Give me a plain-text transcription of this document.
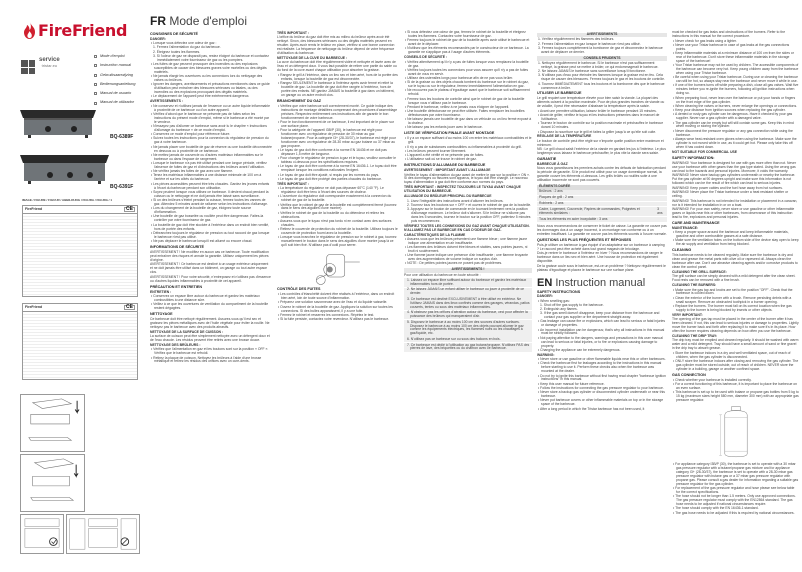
FireFriend
service
tristar.eu
Mode d'emploi
Instruction manual
Gebruiksaanwijzing
Bedienungsanleitung
Manual de usuario
Manual de utilizador
BQ-6389F
BQ-6391F
IMAGE / FIGURE / FIGUUR / ABBILDUNG / FIGURA / FIGURA / 1
FireFriend	CE
FireFriend	CE
FR Mode d'emploi
CONSIGNES DE SÉCURITÉ
DANGER:
• Lorsque vous détectez une odeur de gaz :
1. Fermez l'alimentation du gaz du barbecue.
2. Éteignez toutes les flammes.
3. Si l'odeur de gaz ne disparaît pas, restez éloigné du barbecue et contactez immédiatement votre fournisseur de gaz ou les pompiers.
• Les fuites de gaz peuvent provoquer des incendies ou des explosions susceptibles de causer des blessures graves voire mortelles ou des dégâts matériels.
• Ne jamais élargir les ouvertures ou les connexions lors du nettoyage des valves ou brûleurs.
• Ignorer les dangers, avertissements et précautions mentionnés dans ce guide d'utilisation peut entraîner des blessures sérieuses ou fatales, ou des incendies ou des explosions provoquant des dégâts matériels.
• Le déplacement de l'appareil peut être extrêmement dangereux.
AVERTISSEMENTS :
• Ne conservez et n'utilisez jamais de l'essence ou un autre liquide inflammable à proximité de ce barbecue ou d'un autre appareil.
• Vérifiez d'abord que le barbecue ne présente pas de fuites selon les instructions du présent mode d'emploi, même si le barbecue a été monté par le vendeur.
• N'essayez pas d'allumer ce barbecue sans avoir lu le chapitre « Instructions d'allumage du barbecue » de ce mode d'emploi.
• Conservez ce mode d'emploi pour référence future.
• Suivez toutes les instructions pour la connexion du régulateur de pression du gaz à votre barbecue.
• Ne jamais placer une bouteille de gaz de réserve ou une bouteille déconnectée en dessous ou à proximité de ce barbecue.
• Ne mettez jamais de couvercle ou d'autres matériaux inflammables sur le barbecue ou dans l'espace de rangement.
• Lorsque le barbecue n'a pas été utilisé pendant une longue période, vérifiez l'absence de fuites de gaz et d'obstructions des brûleurs avant l'utilisation.
• Ne vérifiez jamais les fuites de gaz avec une flamme.
• Tenez les matériaux inflammables à une distance minimale de 100 cm à l'arrière et sur les côtés du barbecue.
• Les pièces accessibles peuvent être très chaudes. Gardez les jeunes enfants à l'écart du barbecue pendant son utilisation.
• Soyez prudent lorsque vous utilisez ce barbecue. Il devient chaud pendant la cuisson ou le nettoyage et ne doit jamais être laissé sans surveillance.
• Si un des brûleurs s'éteint pendant la cuisson, fermez toutes les vannes de gaz. Attendez 5 minutes avant de rallumer selon les instructions d'allumage.
• Lors du changement de la bouteille de gaz, éloignez toute source d'inflammation.
• Une bouteille de gaz bosselée ou rouillée peut être dangereuse. Faites-la contrôler par votre fournisseur de gaz.
• La bouteille de gaz doit être stockée à l'extérieur dans un endroit bien ventilé, hors de portée des enfants.
• Débranchez toujours le régulateur de pression ou tout raccord de gaz lorsque le barbecue n'est pas utilisé.
• Ne pas déplacer le barbecue lorsqu'il est allumé ou encore chaud.
INFORMATIONS DE SÉCURITÉ
AVERTISSEMENT ! Ne modifiez en aucun cas ce barbecue. Toute modification peut entraîner des risques et annule la garantie. Utilisez uniquement les pièces d'origine.
AVERTISSEMENT ! Ce barbecue est destiné à un usage extérieur uniquement et ne doit jamais être utilisé dans un bâtiment, un garage ou tout autre espace clos.
AVERTISSEMENT ! Pour votre sécurité, n'entreposez et n'utilisez pas d'essence ou d'autres liquides inflammables à proximité de cet appareil.
PRÉCAUTION ET ENTRETIEN
ENTRETIEN :
• Conservez un espace libre autour du barbecue et gardez les matériaux combustibles à une distance sûre.
• Veillez à ce que les ouvertures de ventilation du compartiment de la bouteille restent dégagées.
NETTOYAGE
Ce barbecue doit être nettoyé régulièrement. Assurez-vous qu'il est sec et graissez les pièces métalliques avec de l'huile végétale pour éviter la rouille. Ne nettoyez pas le barbecue avec des produits abrasifs.
NETTOYAGE DE LA SURFACE DE CUISSON :
La surface de cuisson peut être simplement nettoyée avec un détergent doux et de l'eau chaude. Les résidus peuvent être retirés avec une brosse douce.
NETTOYAGE DES BRÛLEURS :
• Vérifiez que l'alimentation en gaz et les boutons sont sur la position « OFF ». Vérifiez que le barbecue est refroidi.
• Retirez la plaque de cuisson. Nettoyez les brûleurs à l'aide d'une brosse métallique et retirez les résidus des orifices avec un cure-dents.
TRÈS IMPORTANT :
L'orifice du brûleur du gaz doit être mis au milieu du brûleur après avoir été nettoyé. Sinon, des blessures sérieuses ou des dégâts matériels peuvent en résulter. Après avoir remis le brûleur en place, vérifiez si une bonne connexion est réalisée. La fréquence de nettoyage du brûleur dépend de votre fréquence d'utilisation du barbecue.
NETTOYAGE DE LA CUVE DU BARBECUE :
La cuve du barbecue doit être régulièrement vidée et nettoyée et lavée avec de l'eau et un détergent doux. Il vous faut possible de retirer une partie du sable ou du fond de la cuve avant chaque utilisation pour absorber la graisse.
• Rangez le grill à l'intérieur, dans un lieu sec et bien aéré, hors de la portée des enfants, lorsque la bouteille de gaz est déconnectée.
• Rangez SEULEMENT le barbecue à l'intérieur après avoir fermé et retiré la bouteille de gaz. La bouteille de gaz doit être rangée à l'extérieur, hors de portée des enfants. NE gardez JAMAIS la bouteille à gaz dans un bâtiment, un garage ou un autre endroit clos.
BRANCHEMENT DU GAZ
• Vérifiez que votre barbecue soit correctement monté. Ce guide indique des instructions de montage détaillées comprenant des procédures d'assemblage précises. Respectez entièrement ces instructions afin de garantir le bon fonctionnement de votre barbecue.
• Pour le bon fonctionnement de ce barbecue, il est important de le placer sur une surface plane.
• Pour la catégorie de l'appareil I3B/P (30), le barbecue est réglé pour fonctionner avec un régulateur de pression de 30 mbar au gaz butane/propane. Pour la catégorie I3+ (28-30/37), le barbecue est réglé pour fonctionner avec un régulateur de 28-30 mbar au gaz butane ou 37 mbar au gaz propane.
• Le tuyau de gaz doit être conforme à la norme EN 16436 et ne doit pas dépasser 1,5 mètre de longueur.
• Pour changer le régulateur de pression à gaz et le tuyau, veuillez consulter le tableau ci-dessous pour les spécifications requises.
• Le tuyau de gaz doit être conforme à la norme EN 16436-1. Le tuyau doit être remplacé lorsque les conditions nationales l'exigent.
• Le tuyau de gaz doit être ajusté, si requis par les normes du pays.
• Le tuyau de gaz doit être protégé des parties chaudes du barbecue.
TRÈS IMPORTANT :
• La température du régulateur ne doit pas dépasser 60°C (140 °F). Le régulateur doit être tenu à l'écart des sources de chaleur.
• L'ouverture du régulateur doit correspondre exactement à la connexion du robinet de gaz de la bouteille.
• Vérifiez que le robinet de gaz de la bouteille est complètement fermé (tournez dans le sens des aiguilles d'une montre).
• Vérifiez le robinet de gaz de la bouteille ou du détendeur et retirez les obstructions.
• Assurez-vous que le tuyau n'est pas tordu ni en contact avec des surfaces chaudes.
• Retirez le couvercle de protection du robinet de la bouteille. Utilisez toujours le couvercle de protection fourni avec la bouteille.
• Lorsque vous branchez le régulateur de pression sur le robinet à gaz, tournez manuellement le bouton dans le sens des aiguilles d'une montre jusqu'à ce qu'il soit bien fixé. N'utilisez pas d'outil pour serrer.
CONTRÔLE DES FUITES
• Les contrôles d'étanchéité doivent être réalisés à l'extérieur, dans un endroit bien aéré, loin de toute source d'inflammation.
• Préparez une solution savonneuse avec de l'eau et du liquide vaisselle.
• Ouvrez le robinet de la bouteille de gaz. Appliquez la solution sur toutes les connexions. Si des bulles apparaissent, il y a une fuite.
• Fermez le robinet et resserrez les connexions. Répétez le test.
• Si la fuite persiste, contactez votre revendeur. N'utilisez pas le barbecue.
• Si vous détectez une odeur de gaz, fermez le robinet de la bouteille et éteignez toutes les flammes. Contactez votre fournisseur de gaz.
• Fermez toujours le robinet de gaz de la bouteille après avoir utilisé le barbecue et avant de le déplacer.
• N'utilisez que les éléments recommandés par le constructeur de ce barbecue. La garantie ne s'applique pas à l'usage d'autres éléments.
CONSEILS DE SÉCURITÉ :
• Vérifiez attentivement qu'il n'y a pas de fuites lorsque vous remplacez la bouteille de gaz.
• Vérifiez toujours toutes les connexions pour vous assurer qu'il n'y a pas de fuites avant de vous en servir.
• Utilisez des ustensiles longs pour barbecue afin de ne pas vous brûler.
• Si de la graisse ou des objets chauds tombent du barbecue sur le robinet du gaz, sur le tuyau ou sur le régulateur, fermez immédiatement l'alimentation en gaz.
• Ne recouvrez pas le plateau d'égouttage avant que le barbecue soit suffisamment refroidi.
• Fermez tous les boutons de contrôle ainsi que le robinet de gaz de la bouteille lorsque vous n'utilisez pas le barbecue.
• Pendant le barbecue, veillez à ne jamais vous éloigner de l'appareil.
• Une bouteille défectueuse ne peut être utilisée. Faites remplacer les bouteilles défectueuses par votre fournisseur.
• Ne laissez jamais une bouteille de gaz dans un véhicule ou un lieu fermé exposé à la chaleur.
• Ne laissez pas les enfants jouer avec le barbecue.
LISTE DE VÉRIFICATION FINALE AVANT MONTAGE
• Il y a un espace suffisant d'au moins 100 cm entre les matériaux combustibles et le grill.
• Il n'y a pas de substances combustibles ou inflammables à proximité du grill.
• Les brûleurs peuvent tourner librement.
• L'appareil a été vérifié et ne présente pas de fuites.
• L'utilisateur sait où se trouve le robinet de gaz.
INSTRUCTIONS D'ALLUMAGE DU BARBECUE
AVERTISSEMENT : IMPORTANT AVANT L'ALLUMAGE
Vérifiez le tuyau d'alimentation du gaz avant de mettre le gaz sur la position « ON ». Si des dommages ou fissures sont apparus, le tuyau doit être changé. Le nouveau tuyau d'alimentation à gaz doit être conforme aux normes du pays.
TRÈS IMPORTANT : INSPECTEZ TOUJOURS LE TUYAU AVANT CHAQUE UTILISATION DU BARBECUE.
ALLUMAGE DU BRÛLEUR PRINCIPAL DU BARBECUE
1. Lisez l'intégralité des instructions avant d'allumer les brûleurs.
2. Tournez tous les boutons sur « OFF » et ouvrez le robinet de gaz de la bouteille.
3. Appuyez sur le bouton de commande en le tournant lentement vers la position d'allumage maximum. Le brûleur doit s'allumer. Si le brûleur ne s'allume pas dans les 5 secondes, tournez le bouton sur la position OFF, patientez 5 minutes puis recommencez.
VÉRIFIEZ TOUTES LES CONNEXIONS DU GAZ AVANT CHAQUE UTILISATION. N'ALLUMEZ PAS LE BARBECUE EN CAS D'ODEUR DE GAZ.
CARACTÉRISTIQUES DE LA FLAMME
• Assurez-vous que les brûleurs présentent une flamme bleue ; une flamme jaune indique une alimentation en air insuffisante.
• Les flammes des brûleurs doivent être bleues et stables, sans pointes jaunes, ni bruit ni soulèvement.
• Une flamme jaune indique une présence d'air insuffisante ; une flamme bruyante avec des augmentations de volume indique un surplus d'air.
• NOTE : De petites pointes jaunes ne posent pas de problèmes.
AVERTISSEMENTS !
Pour une utilisation du barbecue en toute sécurité :
1. Laissez un espace libre suffisant autour du barbecue et gardez les matériaux inflammables hors de portée.
2. Ne laissez JAMAIS un enfant utiliser le barbecue ou jouer à proximité de ce dernier.
3. Ce barbecue est destiné EXCLUSIVEMENT à être utilisé en extérieur. Ne l'utilisez JAMAIS dans des lieux confinés comme des garages, vérandas, patios couverts, tentes ou sous des matériaux inflammables.
4. N'obstruez pas les orifices d'aération autour du barbecue, ceci pour affecter la puissance des brûleurs qui manqueraient d'air.
5. Disposez le barbecue à au moins 100 cm des sources d'autres surfaces. Disposez le barbecue à au moins 100 cm des objets pouvant allumer le gaz comme les équipements électriques, les flammes nues ou les chauffages à gaz/liquide, etc.
6. N'utilisez pas ce barbecue sur ou sous des balcons en bois.
7. Ce barbecue est dédié à l'utilisation au gaz butane/propane. N'utilisez PAS des pierres de lave, des briquettes ou du charbon avec ce barbecue.
AVERTISSEMENTS
1. Vérifiez régulièrement les flammes des brûleurs.
2. Fermez l'alimentation en gaz lorsque le barbecue n'est pas utilisé.
3. Fermez toujours complètement la bombonne de gaz et déconnectez le barbecue avant de déplacer ce dernier.
CONSEILS PRUDENTS
1. Nettoyez régulièrement le barbecue. Si le barbecue n'est pas suffisamment nettoyé, la graisse peut se mettre à brûler, ce qui endommagerait le barbecue.
2. Ne laissez JAMAIS le barbecue sans surveillance lorsqu'il fonctionne.
3. N'utilisez pas d'eau pour éteindre les flammes lorsque la graisse est en feu. Cela risque de causer des blessures. Fermez toujours le gaz et les boutons de contrôle.
4. Tournez IMMÉDIATEMENT tous les boutons et la bombonne dès que le barbecue commence à brûler.
UTILISER LE BARBECUE
Le grill requiert une température élevée pour bien saisir la viande. La plupart des aliments cuisent à la position maximale. Pour de plus grandes tranches de viande ou de volaille, il peut être nécessaire d'abaisser la température après la saisie.
• Avant une première utilisation, laissez brûler le barbecue pendant 15 minutes.
• Avant de griller, vérifiez le tuyau et les instructions présentes dans le manuel de l'utilisateur.
• Tournez le bouton de contrôle sur la position maximale et préchauffez le barbecue durant 10 minutes.
• Disposez la nourriture sur le grill et faites la griller jusqu'à ce qu'elle soit cuite.
RÉGLAGE DE LA TEMPÉRATURE
Le bouton de contrôle peut être réglé sur n'importe quelle position entre maximum et minimum.
NB : Le grill chaud saisit l'extérieur de la viande en gardant les jus à l'intérieur. Le plus longtemps vous laissez le barbecue préchauffer, le plus vite la viande sera saisie.
GARANTIE
BARBECUE À GAZ
Nous vous garantissons les premiers achats contre les défauts de fabrication pendant la période de garantie. Si le produit est utilisé pour un usage domestique normal, la garantie couvre les éléments ci-dessous. Les grills brûlés ou rouillés suite à une utilisation incorrecte ne sont pas couverts.
ÉLÉMENTS DURÉE	
Brûleurs : 2 ans	
Plaques de grill : 2 ans	
Robinets : 2 ans	
Cadre, Logement, Couvercle, Papiers de commandes, Poignées et éléments similaires :	3 ans
Tous les éléments en acier inoxydable : 3 ans	
Nous vous recommandons de conserver le ticket de caisse. La garantie ne couvre pas les dommages dus à un usage incorrect, à un montage non conforme ou à un entretien insuffisant. La garantie ne couvre pas les éléments soumis à l'usure normale.
QUESTIONS LES PLUS FRÉQUENTES ET RÉPONSES
Puis-je utiliser un barbecue à gaz équipé d'un adaptateur sur un barbecue à camping ? Le raccord peut être acheté dans tout grand magasin de bricolage.
Dois-je rentrer le barbecue à l'intérieur en hiver ? Nous recommandons de ranger le barbecue dans un lieu sec et bien aéré. Une housse de protection est également disponible.
De la graisse coule sous le barbecue, est-ce un problème ? Nettoyez régulièrement le plateau d'égouttage et placez le barbecue sur une surface plane.
EN Instruction manual
SAFETY INSTRUCTIONS
DANGER:
• When smelling gas:
1. Shut off the gas supply to the barbecue.
2. Extinguish any flames.
3. If the gas smell doesn't disappear, keep your distance from the barbecue and contact your gas supplier or fire department straight away.
• Gas leakage can cause fire or explosions, which can lead to serious or fatal injuries or damage of properties.
• An incorrect installation can be dangerous; that's why all instructions in this manual must be strictly followed.
• Not paying attention to the dangers, warnings and precautions in this user manual can lead to serious or fatal injuries, or to fire or explosions causing damage to property.
• Changing the appliance can be extremely dangerous.
WARNING:
• Never store or use gasoline or other flammable liquids near this or other barbecues.
• Check the barbecue first for leakages according to the instructions in this manual before starting to use it. Perform these checks also when the barbecue was mounted at the dealer.
• Do not try to ignite this barbecue without first having read chapter "barbecue ignition instructions" in this manual.
• Keep this user manual for future reference.
• Follow the instructions for connecting the gas pressure regulator to your barbecue.
• Never store a backup gas cylinder or disconnected cylinder underneath or near this barbecue.
• Never put barbecue covers or other inflammable materials on top or in the storage space of the barbecue.
• After a long period in which the Tristar barbecue has not been used, it
must be checked for gas leaks and obstructions of the burners. Refer to the instructions in this manual for the correct procedure.
• Never check for gas leaks using a lighter.
• Never use your Tristar barbecue in case of gas leaks at the gas connections points.
• Keep inflammable materials at a minimum distance of 100 cm from the sides or rear of the barbecue. Don't store these inflammable materials in the storage space of the barbecue!
• Your Tristar barbecue may not be used by children. The accessible components of the barbecue can become very hot. Keep young children away from the barbecue when using your Tristar barbecue.
• Be careful when using your Tristar barbecue. During use or cleaning the barbecue can still be hot, so always stay near the barbecue and never move it while in use.
• If one of the burners turns off while preparing a dish, close all gas valves. Wait five minutes before you re-ignite the burners, following all ignition instructions when doing so.
• When preparing food, never lean over the barbecue or put your hands or fingers on the front edge of the gas cylinder.
• When cleaning the valves or burners, never enlarge the openings or connections.
• Keep your distance from ignition sources when replacing the gas cylinder.
• A dented or rusty gas cylinder can be dangerous. Have it checked by your gas supplier. Never use a gas cylinder with a damaged valve.
• The gas cylinder can be empty but will still contain some gas. Keep this in mind when moving or storing the cylinder.
• Never disconnect the pressure regulator or any gas connection while using the barbecue.
• Always wear heat-resistant oven gloves when using the barbecue. Make sure the cylinder is not moved while in use, as it could get hot. Please only take this off when it has cooled down.
NOT SUITABLE FOR COMMERCIAL USE
SAFETY INFORMATION:
WARNING! Your barbecue is designed for use with gas more often than not. Never use your barbecue with other gases than the gas type stated. Using the wrong gas can lead to fire hazards and personal injuries. Moreover, it voids the warranty.
WARNING! Never store backup gas cylinders underneath or nearby the barbecue. Put the gas cylinder at 90 degrees upright and make sure this information is not followed which can be the result of fire which can lead to serious injuries.
WARNING! Keep power cables and the fuel hose away from hot surfaces.
WARNING! Never place the Tristar barbecue under a heat resistant shelter or ceiling.
WARNING! This barbecue is not intended for installation or placement in a caravan, nor is it intended for installation in or on a boat.
WARNING! For your own safety, never store or use gasoline or other inflammable gases or liquids near this or other barbecues, from observance of this instruction lead to fire, explosions and personal injuries.
CARE AND MAINTENANCE
MAINTENANCE:
• Keep a proper space around the barbecue and keep inflammable materials, gasoline and other combustible gasses at a safe distance.
• Make sure the ventilation holes on the bottom side of the device stay open to keep the air supply and ventilation from being blocked.
CLEANING
This barbecue needs to be cleaned regularly. Make sure the barbecue is dry and clean and grease the metal parts with olive oil or rapeseed oil. Always clean the barbecue after use. Don't use abrasive cleaning agents and/or corrosive products to clean the control panel.
CLEANING THE GRILL SURFACE:
The grill surface can be simply cleaned with a mild detergent after the clean sheet. Food rests can be removed with a fine brush.
CLEANING THE BURNERS:
• Make sure the gas tap and knobs are set to the position "OFF". Check that the barbecue is cooled down.
• Clean the exterior of the burner with a brush. Remove persisting debris with a small scraper. Remove an obstructed toothpick in a burner opening.
• Replace the burners. The burner must fall on its correct location when the gas supply to the burner is being blocked by insects or other objects.
VERY IMPORTANT:
The opening of the gas tap must be placed in the center of the burner after it has been cleaned. If not, this can lead to serious injuries or damage to properties. Lightly move the burner back and forth after replacing it to make sure it's in its place. How often the burner requires cleaning depends on how often you use the barbecue.
CLEANING THE DRIP TRAY:
The drip tray must be emptied and cleaned regularly. It should be washed with warm water and a mild detergent. Tray should have a small amount of sand or fine gravel in the drip tray to absorb grease.
• Store the barbecue indoors in a dry and well ventilated space, out of reach of children, when the gas cylinder is disconnected.
• ONLY store the barbecue indoors after closing and removing the gas cylinder. The gas cylinder must be stored outside, out of reach of children. NEVER store the cylinder in a building, garage or another confined space.
GAS CONNECTION
• Check whether your barbecue is installed correctly.
• For a correct functioning of this barbecue, it is important to place the barbecue on an even surface.
• This barbecue is set up to be used with butane or propane gas bottles from 5 kg to 15 kg (maximum sizes height 580 mm, diameter 300 mm) with an appropriate gas pressure regulator.
• For appliance category I3B/P (30), the barbecue is set to operate with a 30 mbar gas pressure regulator with a butane/propane gas mixture and for appliance category I3+ (28-30/37), the barbecue is set to operate with a 28-30 mbar gas pressure regulator with butane gas or a 37 mbar gas pressure regulator with propane gas. Please consult a gas dealer for information regarding a suitable gas pressure regulator for the gas cylinder.
• For replacement of the gas pressure regulator and hose please see below table for the correct specifications.
• The hose should not be longer than 1.5 meters. Only use approved connections. The gas pressure regulator must comply with the EN12864 standard. The gas hose needs to be adjusted if national circumstances require.
• The hose should comply with the EN 16436-1 standard.
• The gas hose needs to be adjusted if this is required by national circumstances.
